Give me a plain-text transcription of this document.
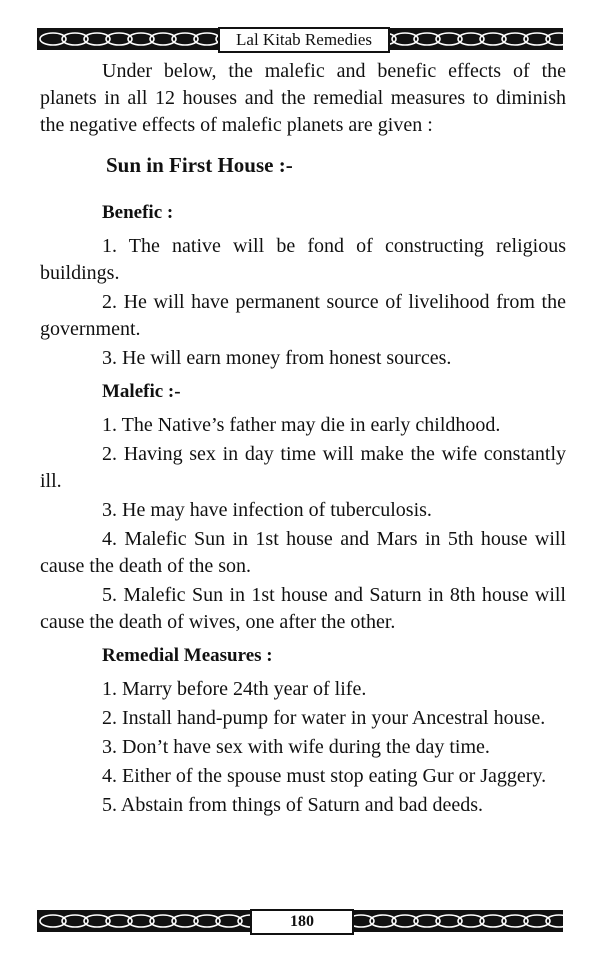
Lal Kitab Remedies

Under below, the malefic and benefic effects of the planets in all 12 houses and the remedial measures to diminish the negative effects of malefic planets are given :

Sun in First House :-
Benefic :

1. The native will be fond of constructing religious buildings.

2. He will have permanent source of livelihood from the government.

3. He will earn money from honest sources.

Malefic :-

1. The Native’s father may die in early childhood.

2. Having sex in day time will make the wife constantly ill.

3. He may have infection of tuberculosis.

4. Malefic Sun in 1st house and Mars in 5th house will cause the death of the son.

5. Malefic Sun in 1st house and Saturn in 8th house will cause the death of wives, one after the other.

Remedial Measures :

1. Marry before 24th year of life.

2. Install hand-pump for water in your Ancestral house.

3. Don’t have sex with wife during the day time.

4. Either of the spouse must stop eating Gur or Jaggery.

5. Abstain from things of Saturn and bad deeds.

180
